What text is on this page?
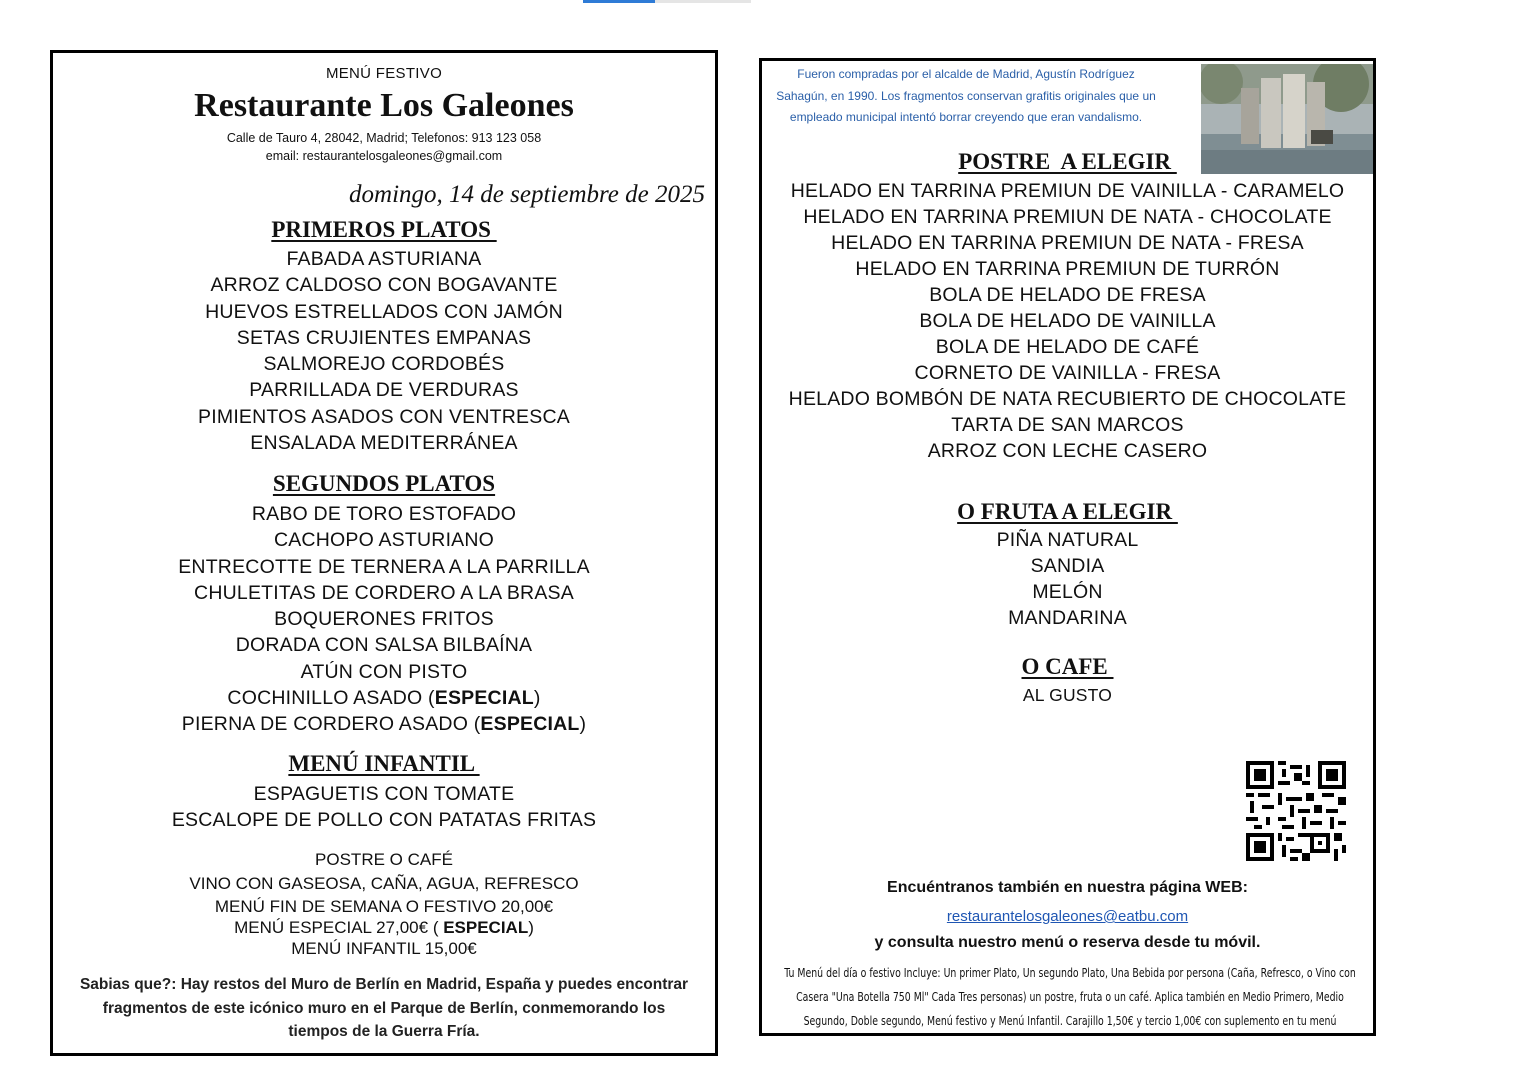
MENÚ FESTIVO
Restaurante Los Galeones
Calle de Tauro 4, 28042, Madrid; Telefonos: 913 123 058
email: restaurantelosgaleones@gmail.com
domingo, 14 de septiembre de 2025
PRIMEROS PLATOS
FABADA ASTURIANA
ARROZ CALDOSO CON BOGAVANTE
HUEVOS ESTRELLADOS CON JAMÓN
SETAS CRUJIENTES EMPANAS
SALMOREJO CORDOBÉS
PARRILLADA DE VERDURAS
PIMIENTOS ASADOS CON VENTRESCA
ENSALADA MEDITERRÁNEA
SEGUNDOS PLATOS
RABO DE TORO ESTOFADO
CACHOPO ASTURIANO
ENTRECOTTE DE TERNERA A LA PARRILLA
CHULETITAS DE CORDERO A LA BRASA
BOQUERONES FRITOS
DORADA CON SALSA BILBAÍNA
ATÚN CON PISTO
COCHINILLO ASADO (ESPECIAL)
PIERNA DE CORDERO ASADO (ESPECIAL)
MENÚ INFANTIL
ESPAGUETIS CON TOMATE
ESCALOPE DE POLLO CON PATATAS FRITAS
POSTRE O CAFÉ
VINO CON GASEOSA, CAÑA, AGUA, REFRESCO
MENÚ FIN DE SEMANA O FESTIVO 20,00€
MENÚ ESPECIAL 27,00€ ( ESPECIAL)
MENÚ INFANTIL 15,00€
Sabias que?: Hay restos del Muro de Berlín en Madrid, España y puedes encontrar fragmentos de este icónico muro en el Parque de Berlín, conmemorando los tiempos de la Guerra Fría.
Fueron compradas por el alcalde de Madrid, Agustín Rodríguez Sahagún, en 1990. Los fragmentos conservan grafitis originales que un empleado municipal intentó borrar creyendo que eran vandalismo.
POSTRE  A ELEGIR
HELADO EN TARRINA PREMIUN DE VAINILLA - CARAMELO
HELADO EN TARRINA PREMIUN DE NATA - CHOCOLATE
HELADO EN TARRINA PREMIUN DE NATA - FRESA
HELADO EN TARRINA PREMIUN DE TURRÓN
BOLA DE HELADO DE FRESA
BOLA DE HELADO DE VAINILLA
BOLA DE HELADO DE CAFÉ
CORNETO DE VAINILLA - FRESA
HELADO BOMBÓN DE NATA RECUBIERTO DE CHOCOLATE
TARTA DE SAN MARCOS
ARROZ CON LECHE CASERO
O FRUTA A ELEGIR
PIÑA NATURAL
SANDIA
MELÓN
MANDARINA
O CAFE
AL GUSTO
Encuéntranos también en nuestra página WEB:
restaurantelosgaleones@eatbu.com
y consulta nuestro menú o reserva desde tu móvil.
Tu Menú del día o festivo Incluye: Un primer Plato, Un segundo Plato, Una Bebida por persona (Caña, Refresco, o Vino con Casera "Una Botella 750 Ml" Cada Tres personas) un postre, fruta o un café. Aplica también en Medio Primero, Medio Segundo, Doble segundo, Menú festivo y Menú Infantil. Carajillo 1,50€ y tercio 1,00€ con suplemento en tu menú
